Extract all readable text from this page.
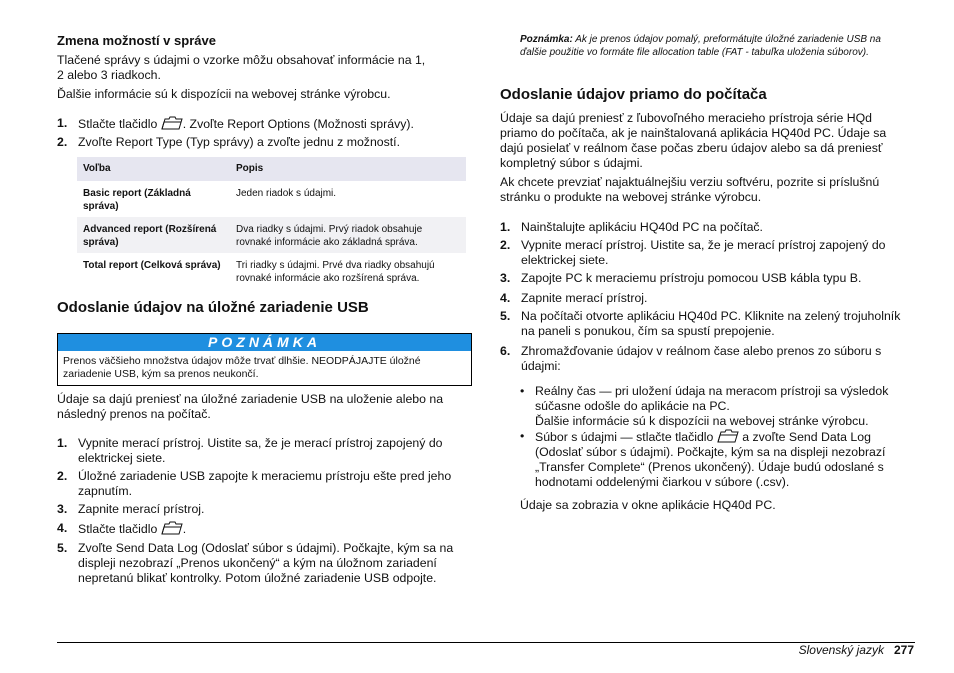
Zmena možností v správe

Tlačené správy s údajmi o vzorke môžu obsahovať informácie na 1,
2 alebo 3 riadkoch.

Ďalšie informácie sú k dispozícii na webovej stránke výrobcu.

1. Stlačte tlačidlo . Zvoľte Report Options (Možnosti správy).
2. Zvoľte Report Type (Typ správy) a zvoľte jednu z možností.
Voľba	Popis
Basic report (Základná správa)	Jeden riadok s údajmi.
Advanced report (Rozšírená správa)	Dva riadky s údajmi. Prvý riadok obsahuje rovnaké informácie ako základná správa.
Total report (Celková správa)	Tri riadky s údajmi. Prvé dva riadky obsahujú rovnaké informácie ako rozšírená správa.
Odoslanie údajov na úložné zariadenie USB
POZNÁMKA
Prenos väčšieho množstva údajov môže trvať dlhšie. NEODPÁJAJTE úložné zariadenie USB, kým sa prenos neukončí.

Údaje sa dajú preniesť na úložné zariadenie USB na uloženie alebo na následný prenos na počítač.

1. Vypnite merací prístroj. Uistite sa, že je merací prístroj zapojený do elektrickej siete.
2. Úložné zariadenie USB zapojte k meraciemu prístroju ešte pred jeho zapnutím.
3. Zapnite merací prístroj.
4. Stlačte tlačidlo .
5. Zvoľte Send Data Log (Odoslať súbor s údajmi). Počkajte, kým sa na displeji nezobrazí „Prenos ukončený“ a kým na úložnom zariadení nepretanú blikať kontrolky. Potom úložné zariadenie USB odpojte.
Poznámka: Ak je prenos údajov pomalý, preformátujte úložné zariadenie USB na ďalšie použitie vo formáte file allocation table (FAT - tabuľka uloženia súborov).
Odoslanie údajov priamo do počítača

Údaje sa dajú preniesť z ľubovoľného meracieho prístroja série HQd priamo do počítača, ak je nainštalovaná aplikácia HQ40d PC. Údaje sa dajú posielať v reálnom čase počas zberu údajov alebo sa dá preniesť kompletný súbor s údajmi.

Ak chcete prevziať najaktuálnejšiu verziu softvéru, pozrite si príslušnú stránku o produkte na webovej stránke výrobcu.

1. Nainštalujte aplikáciu HQ40d PC na počítač.
2. Vypnite merací prístroj. Uistite sa, že je merací prístroj zapojený do elektrickej siete.
3. Zapojte PC k meraciemu prístroju pomocou USB kábla typu B.
4. Zapnite merací prístroj.
5. Na počítači otvorte aplikáciu HQ40d PC. Kliknite na zelený trojuholník na paneli s ponukou, čím sa spustí prepojenie.
6. Zhromažďovanie údajov v reálnom čase alebo prenos zo súboru s údajmi:
• Reálny čas — pri uložení údaja na meracom prístroji sa výsledok súčasne odošle do aplikácie na PC.
Ďalšie informácie sú k dispozícii na webovej stránke výrobcu.
• Súbor s údajmi — stlačte tlačidlo  a zvoľte Send Data Log (Odoslať súbor s údajmi). Počkajte, kým sa na displeji nezobrazí „Transfer Complete“ (Prenos ukončený). Údaje budú odoslané s hodnotami oddelenými čiarkou v súbore (.csv).

Údaje sa zobrazia v okne aplikácie HQ40d PC.

Slovenský jazyk 277
